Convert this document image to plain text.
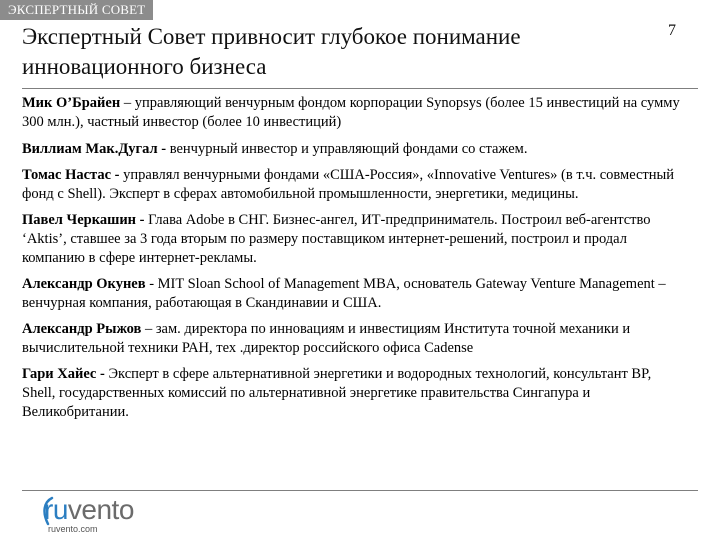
ЭКСПЕРТНЫЙ СОВЕТ
Экспертный Совет привносит глубокое понимание инновационного бизнеса
7

Мик О’Брайен – управляющий венчурным фондом корпорации Synopsys (более 15 инвестиций на сумму 300 млн.), частный инвестор (более 10 инвестиций)

Виллиам Мак.Дугал - венчурный инвестор и управляющий фондами со стажем.

Томас Настас - управлял венчурными фондами «США-Россия», «Innovative Ventures» (в т.ч. совместный фонд с Shell). Эксперт в сферах автомобильной промышленности, энергетики, медицины.

Павел Черкашин - Глава Adobe в СНГ. Бизнес-ангел, ИТ-предприниматель. Построил веб-агентство ‘Aktis’, ставшее за 3 года вторым по размеру поставщиком интернет-решений, построил и продал компанию в сфере интернет-рекламы.

Александр Окунев - MIT Sloan School of Management MBA, основатель Gateway Venture Management – венчурная компания, работающая в Скандинавии и США.

Александр Рыжов – зам. директора по инновациям и инвестициям Института точной механики и вычислительной техники РАН, тех .директор российского офиса Cadense

Гари Хайес - Эксперт в сфере альтернативной энергетики и водородных технологий, консультант BP, Shell, государственных комиссий по альтернативной энергетике правительства Сингапура и Великобритании.

ruvento
ruvento.com
